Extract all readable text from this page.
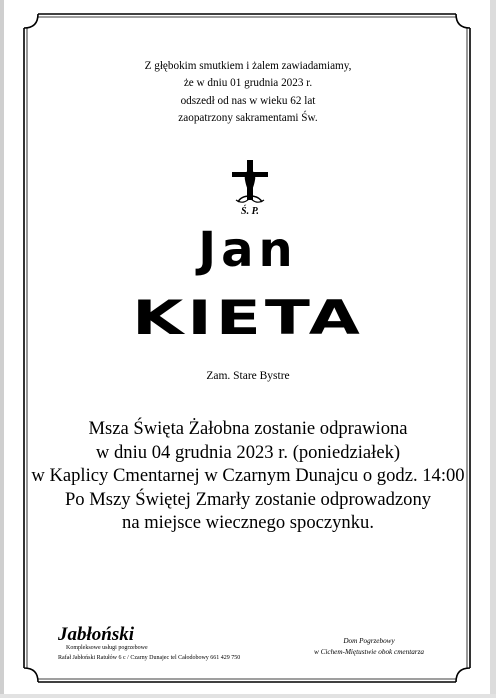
Z głębokim smutkiem i żalem zawiadamiamy,
że w dniu 01 grudnia 2023 r.
odszedł od nas w wieku 62 lat
zaopatrzony sakramentami Św.
Ś. P.
Jan
KIETA
Zam. Stare Bystre
Msza Święta Żałobna zostanie odprawiona
w dniu 04 grudnia 2023 r. (poniedziałek)
w Kaplicy Cmentarnej w Czarnym Dunajcu o godz. 14:00
Po Mszy Świętej Zmarły zostanie odprowadzony
na miejsce wiecznego spoczynku.
Jabłoński
Kompleksowe usługi pogrzebowe
Rafał Jabłoński Ratułów 6 c / Czarny Dunajec tel Całodobowy 661 429 750
Dom Pogrzebowy
w Cichem-Miętustwie obok cmentarza
